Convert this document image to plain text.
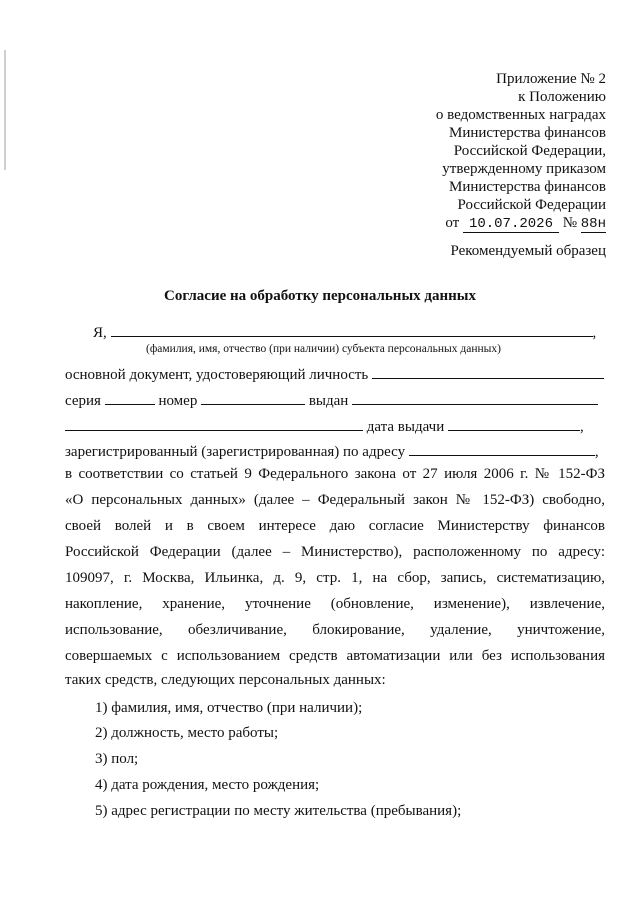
Приложение № 2
к Положению
о ведомственных наградах
Министерства финансов
Российской Федерации,
утвержденному приказом
Министерства финансов
Российской Федерации
от 10.07.2026 № 88н
Рекомендуемый образец
Согласие на обработку персональных данных
Я,	,
(фамилия, имя, отчество (при наличии) субъекта персональных данных)
основной документ, удостоверяющий личность
серия	номер	выдан
дата выдачи	,
зарегистрированный (зарегистрированная) по адресу	,
в соответствии со статьей 9 Федерального закона от 27 июля 2006 г. № 152-ФЗ
«О персональных данных» (далее – Федеральный закон № 152-ФЗ) свободно,
своей волей и в своем интересе даю согласие Министерству финансов
Российской Федерации (далее – Министерство), расположенному по адресу:
109097, г. Москва, Ильинка, д. 9, стр. 1, на сбор, запись, систематизацию,
накопление, хранение, уточнение (обновление, изменение), извлечение,
использование, обезличивание, блокирование, удаление, уничтожение,
совершаемых с использованием средств автоматизации или без использования
таких средств, следующих персональных данных:
1) фамилия, имя, отчество (при наличии);
2) должность, место работы;
3) пол;
4) дата рождения, место рождения;
5) адрес регистрации по месту жительства (пребывания);
